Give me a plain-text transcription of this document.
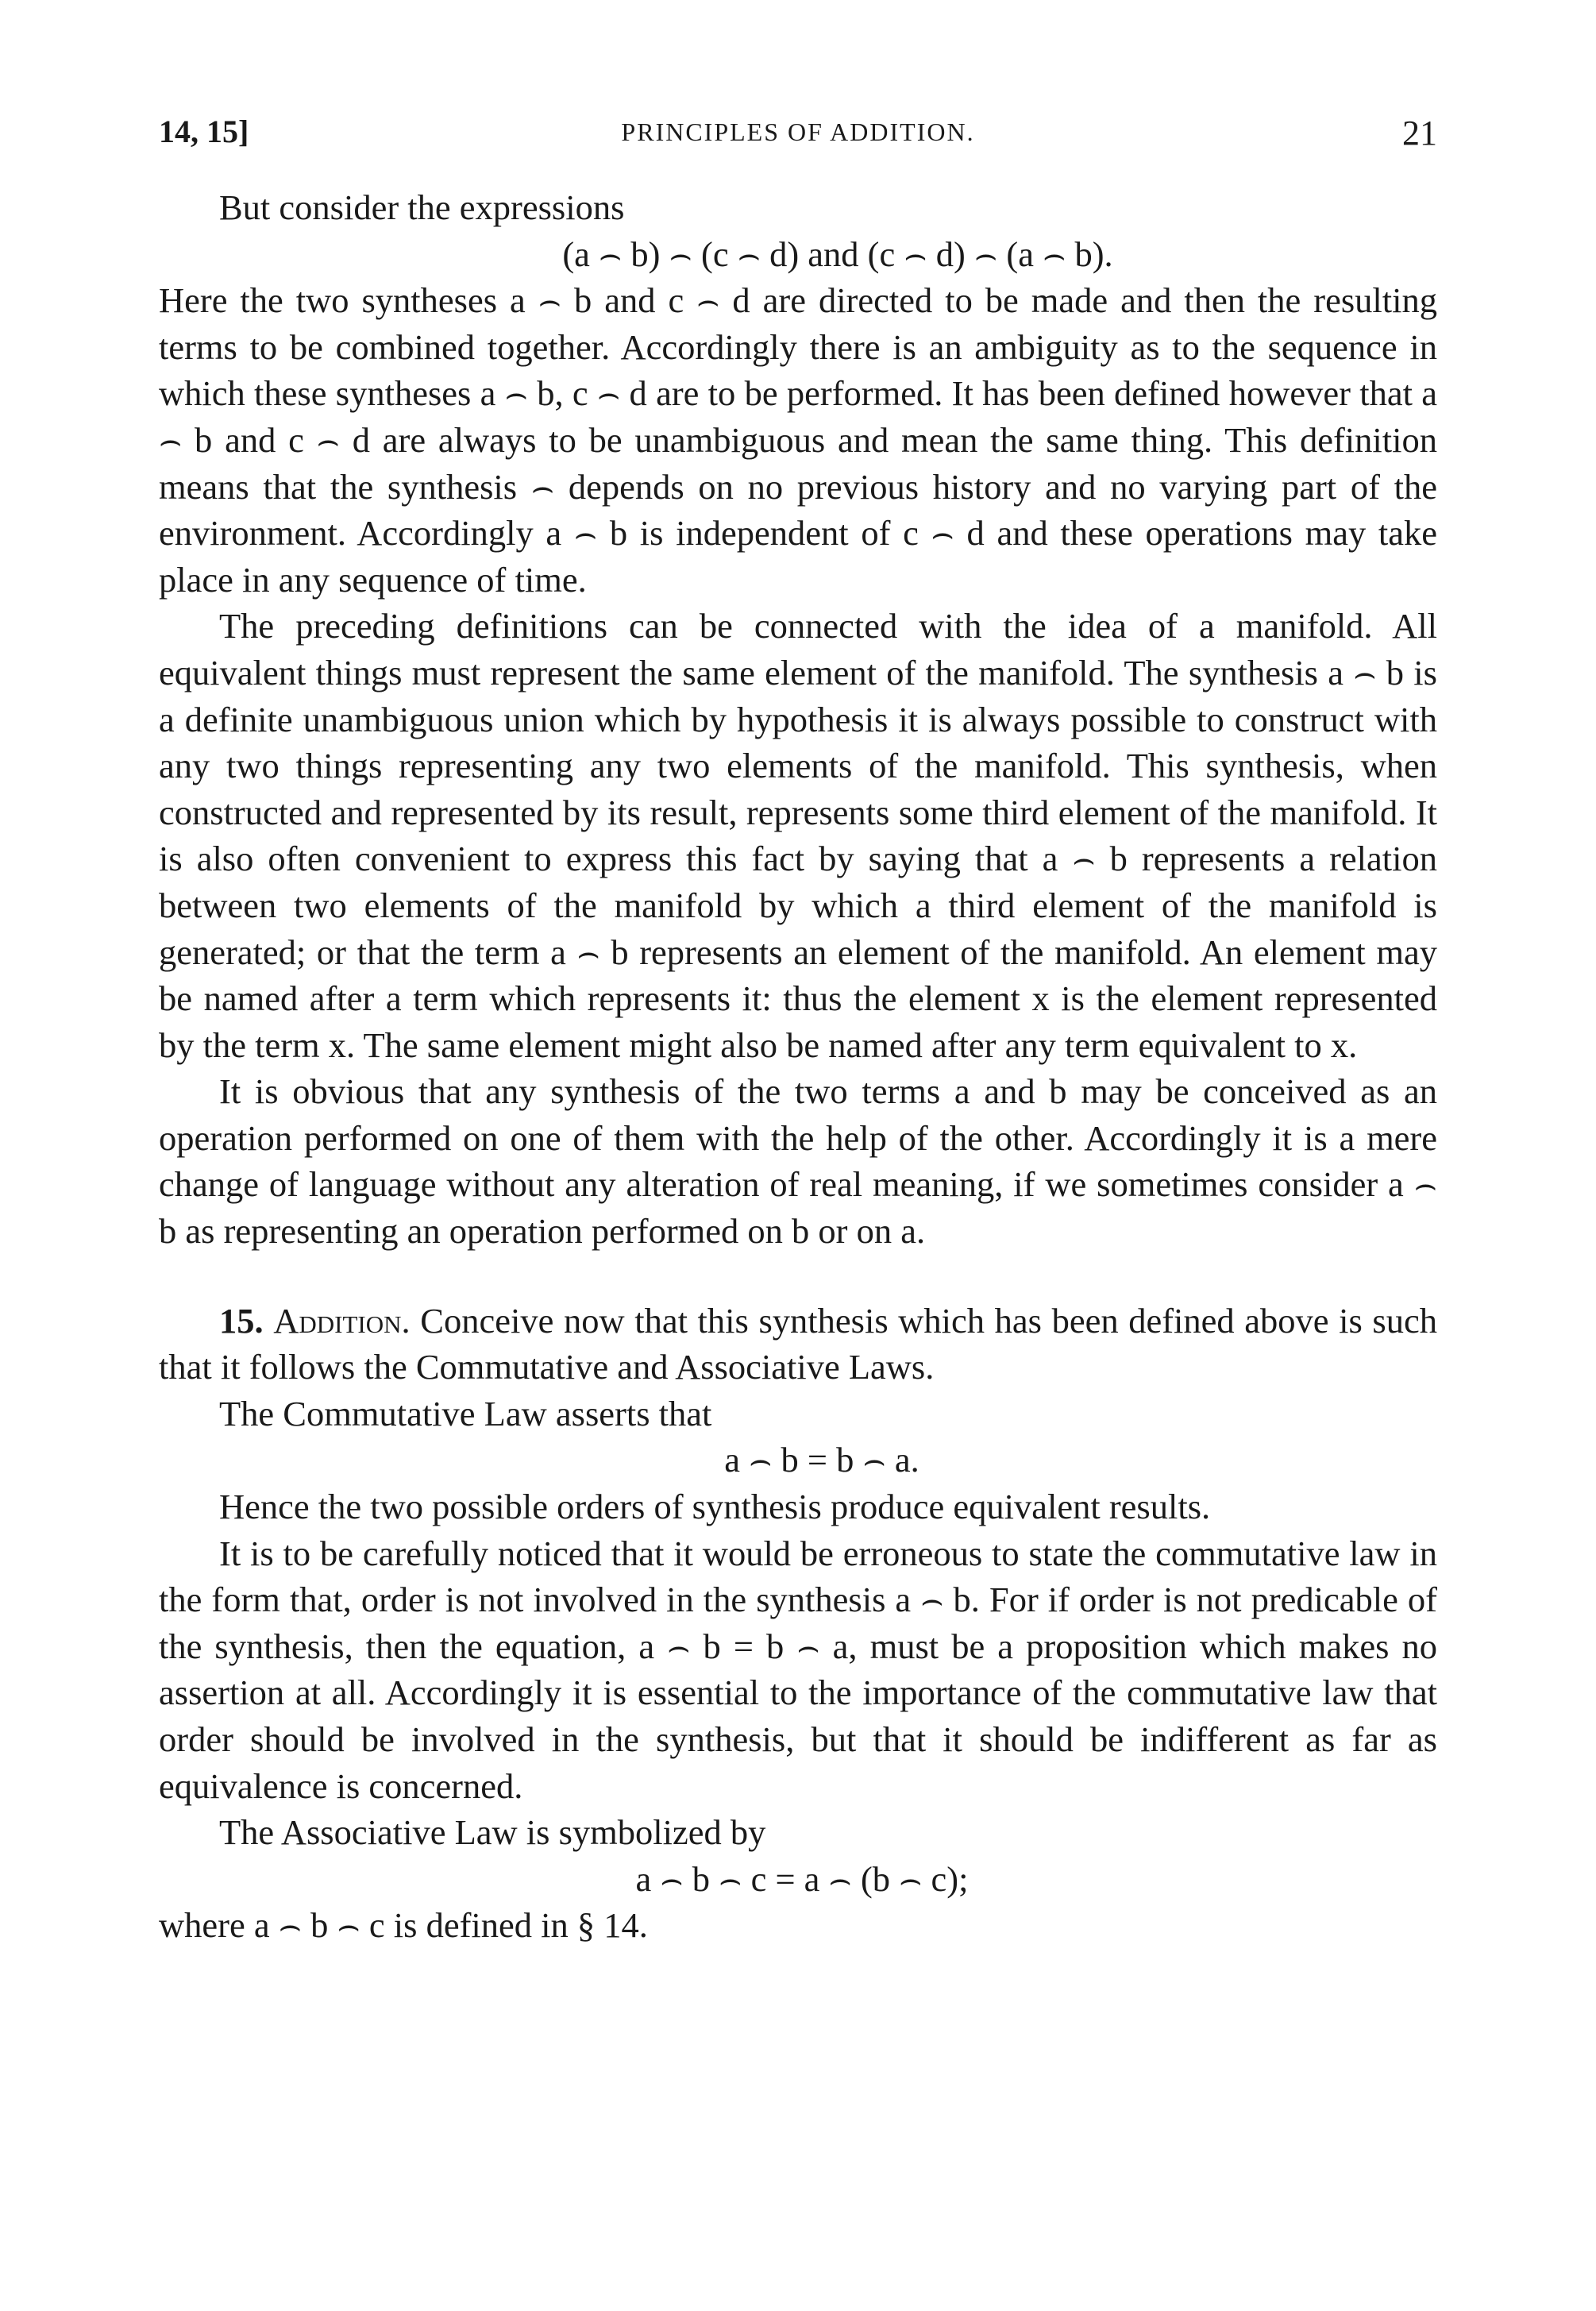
14, 15]	PRINCIPLES OF ADDITION.	21

But consider the expressions

(a ⌢ b) ⌢ (c ⌢ d) and (c ⌢ d) ⌢ (a ⌢ b).

Here the two syntheses a ⌢ b and c ⌢ d are directed to be made and then the resulting terms to be combined together. Accordingly there is an ambiguity as to the sequence in which these syntheses a ⌢ b, c ⌢ d are to be performed. It has been defined however that a ⌢ b and c ⌢ d are always to be unambiguous and mean the same thing. This definition means that the synthesis ⌢ depends on no previous history and no varying part of the environment. Accordingly a ⌢ b is independent of c ⌢ d and these operations may take place in any sequence of time.

The preceding definitions can be connected with the idea of a manifold. All equivalent things must represent the same element of the manifold. The synthesis a ⌢ b is a definite unambiguous union which by hypothesis it is always possible to construct with any two things representing any two elements of the manifold. This synthesis, when constructed and represented by its result, represents some third element of the manifold. It is also often convenient to express this fact by saying that a ⌢ b represents a relation between two elements of the manifold by which a third element of the manifold is generated; or that the term a ⌢ b represents an element of the manifold. An element may be named after a term which represents it: thus the element x is the element represented by the term x. The same element might also be named after any term equivalent to x.

It is obvious that any synthesis of the two terms a and b may be conceived as an operation performed on one of them with the help of the other. Accordingly it is a mere change of language without any alteration of real meaning, if we sometimes consider a ⌢ b as representing an operation performed on b or on a.

15. Addition. Conceive now that this synthesis which has been defined above is such that it follows the Commutative and Associative Laws.

The Commutative Law asserts that

a ⌢ b = b ⌢ a.

Hence the two possible orders of synthesis produce equivalent results.

It is to be carefully noticed that it would be erroneous to state the commutative law in the form that, order is not involved in the synthesis a ⌢ b. For if order is not predicable of the synthesis, then the equation, a ⌢ b = b ⌢ a, must be a proposition which makes no assertion at all. Accordingly it is essential to the importance of the commutative law that order should be involved in the synthesis, but that it should be indifferent as far as equivalence is concerned.

The Associative Law is symbolized by

a ⌢ b ⌢ c = a ⌢ (b ⌢ c);

where a ⌢ b ⌢ c is defined in § 14.
